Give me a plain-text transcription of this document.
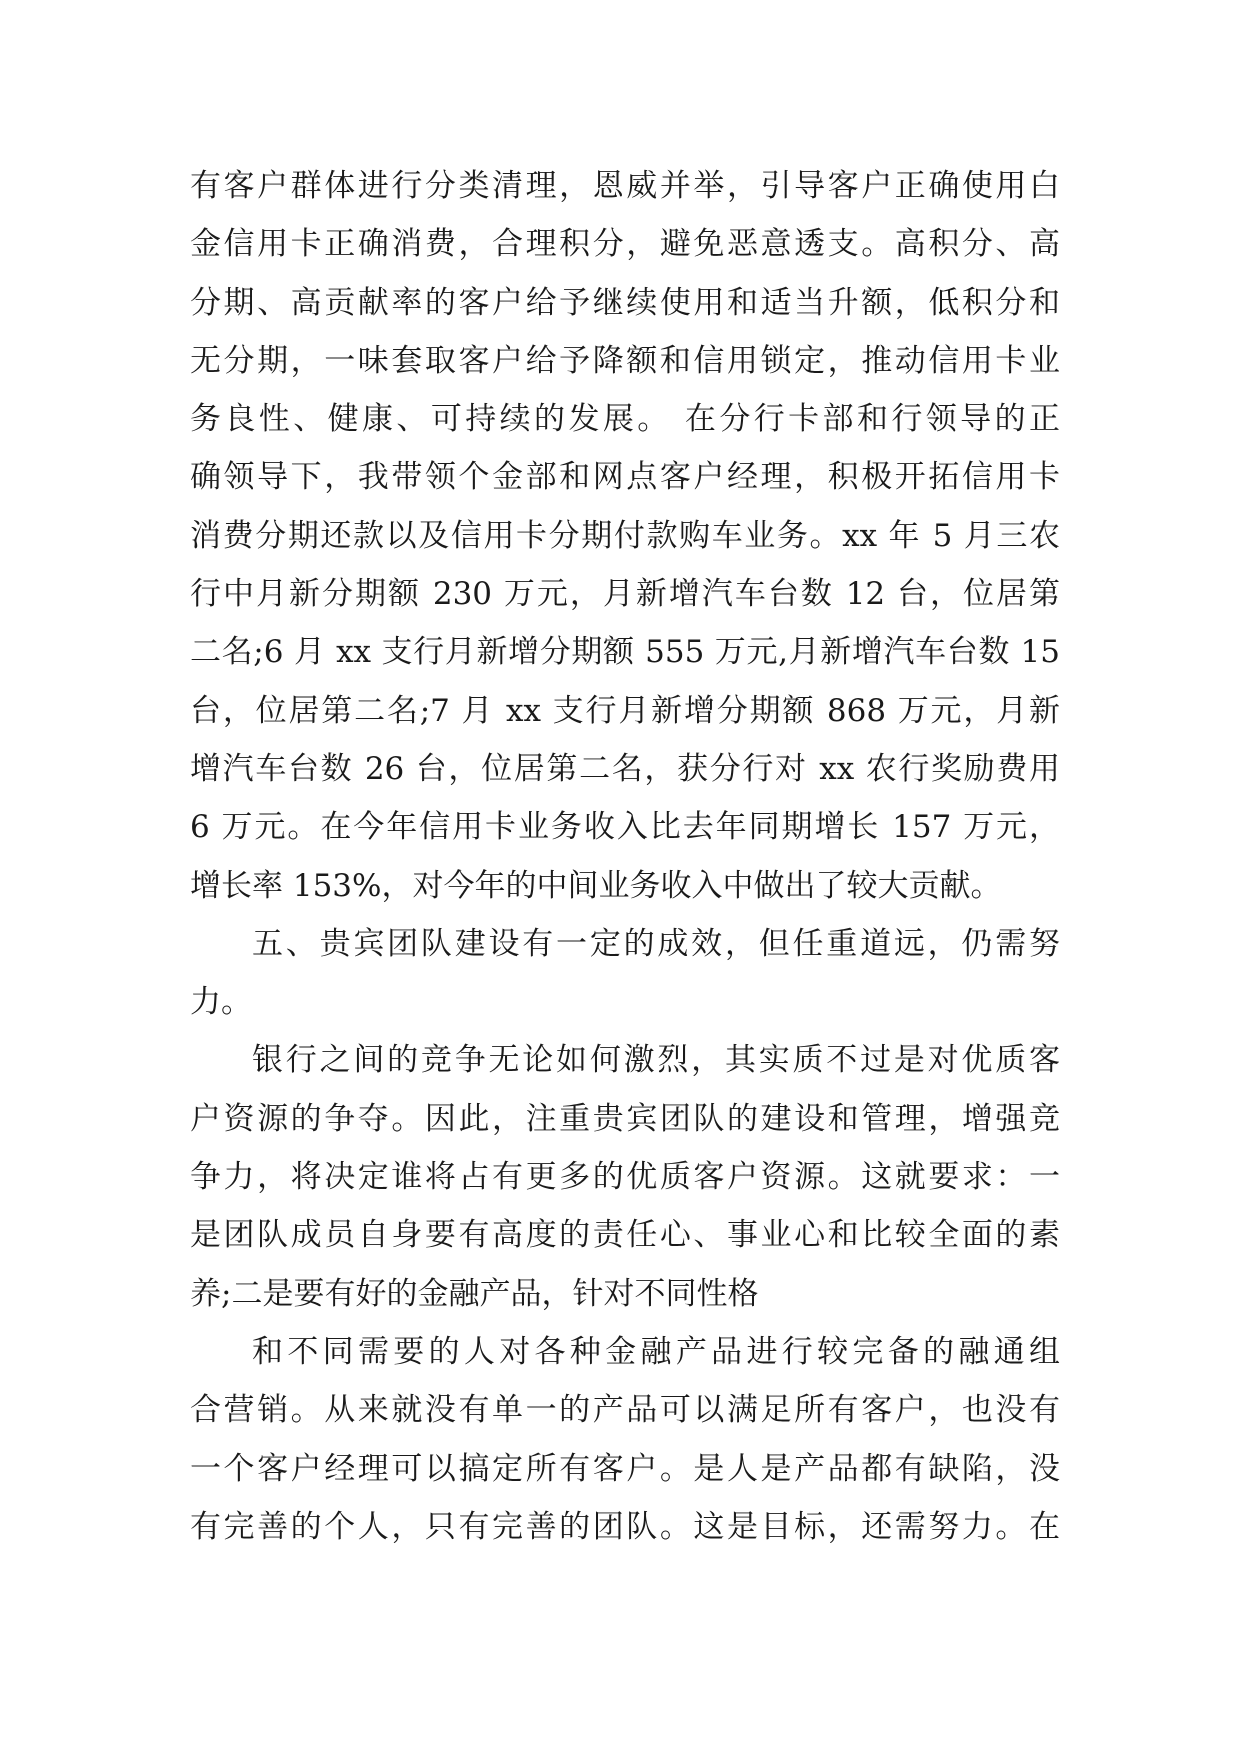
有客户群体进行分类清理，恩威并举，引导客户正确使用白
金信用卡正确消费，合理积分，避免恶意透支。高积分、高
分期、高贡献率的客户给予继续使用和适当升额，低积分和
无分期，一味套取客户给予降额和信用锁定，推动信用卡业
务良性、健康、可持续的发展。 在分行卡部和行领导的正
确领导下，我带领个金部和网点客户经理，积极开拓信用卡
消费分期还款以及信用卡分期付款购车业务。xx 年 5 月三农
行中月新分期额 230 万元，月新增汽车台数 12 台，位居第
二名;6 月 xx 支行月新增分期额 555 万元,月新增汽车台数 15
台，位居第二名;7 月 xx 支行月新增分期额 868 万元，月新
增汽车台数 26 台，位居第二名，获分行对 xx 农行奖励费用
6 万元。在今年信用卡业务收入比去年同期增长 157 万元，
增长率 153%，对今年的中间业务收入中做出了较大贡献。
五、贵宾团队建设有一定的成效，但任重道远，仍需努
力。
银行之间的竞争无论如何激烈，其实质不过是对优质客
户资源的争夺。因此，注重贵宾团队的建设和管理，增强竞
争力，将决定谁将占有更多的优质客户资源。这就要求：一
是团队成员自身要有高度的责任心、事业心和比较全面的素
养;二是要有好的金融产品，针对不同性格
和不同需要的人对各种金融产品进行较完备的融通组
合营销。从来就没有单一的产品可以满足所有客户，也没有
一个客户经理可以搞定所有客户。是人是产品都有缺陷，没
有完善的个人，只有完善的团队。这是目标，还需努力。在
